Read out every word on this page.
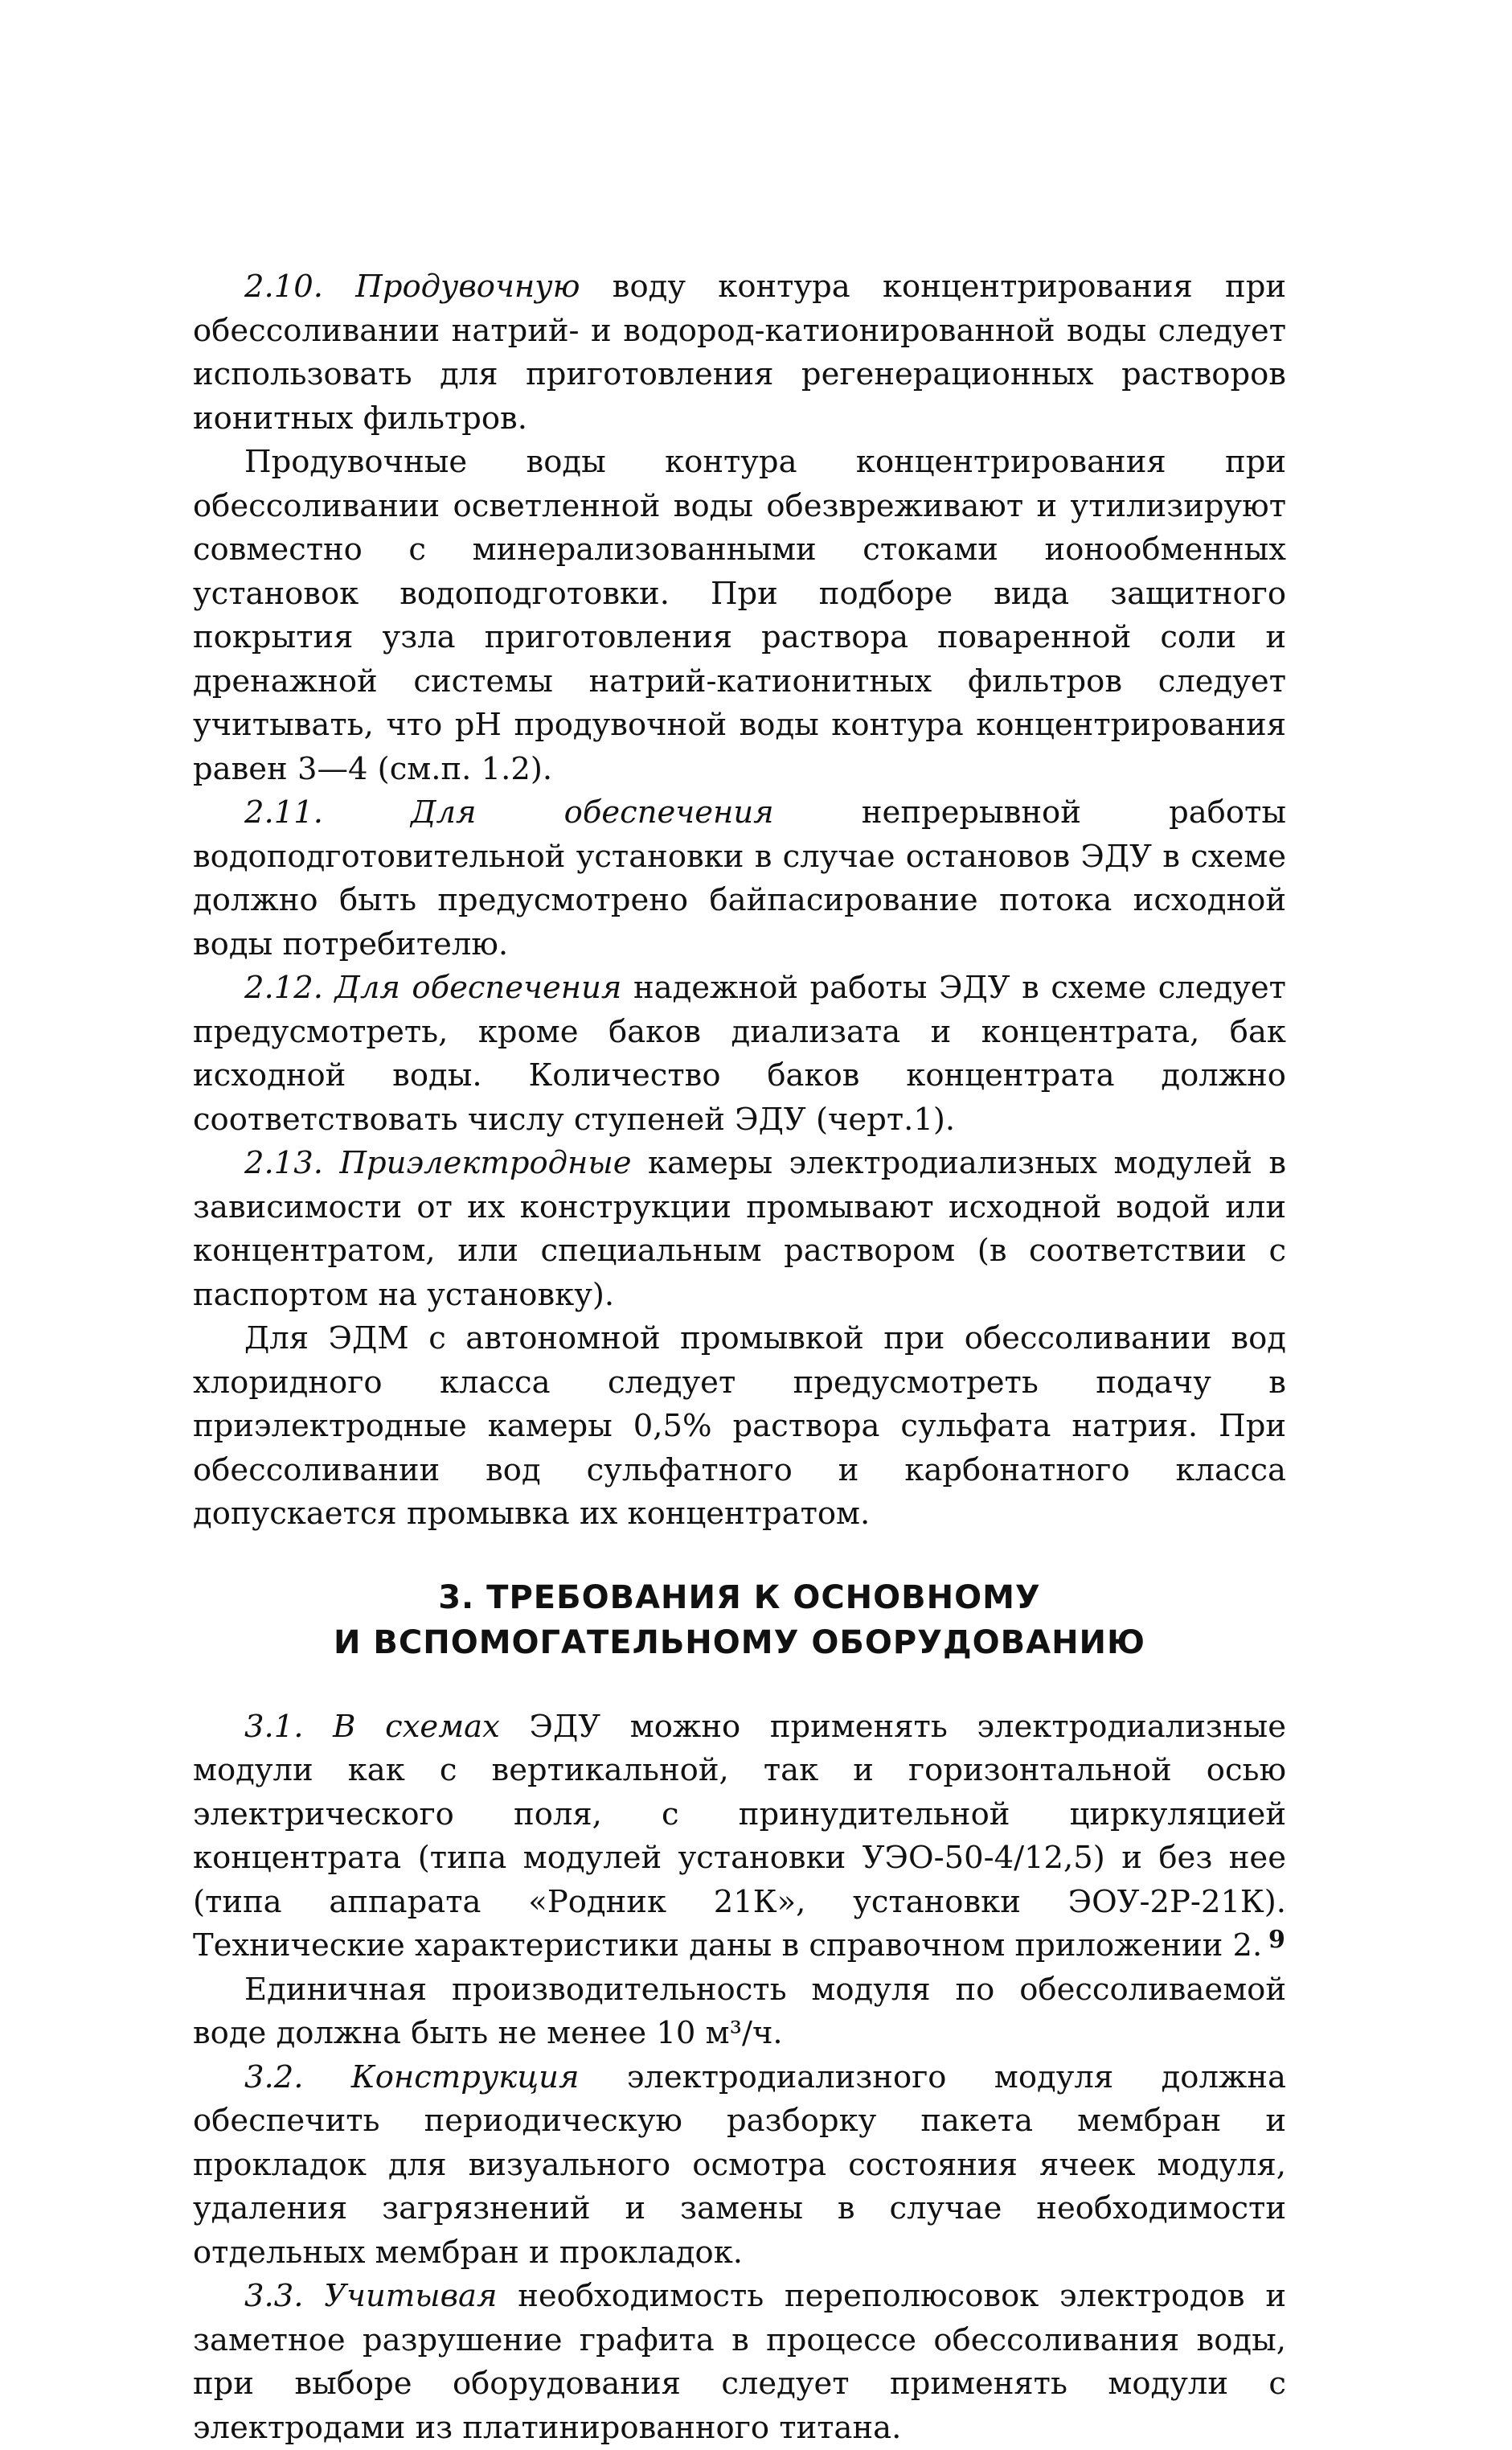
2.10. Продувочную воду контура концентрирования при обессоливании натрий- и водород-катионированной воды следует использовать для приготовления регенерационных растворов ионитных фильтров.

Продувочные воды контура концентрирования при обессоливании осветленной воды обезвреживают и утилизируют совместно с минерализованными стоками ионообменных установок водоподготовки. При подборе вида защитного покрытия узла приготовления раствора поваренной соли и дренажной системы натрий-катионитных фильтров следует учитывать, что pH продувочной воды контура концентрирования равен 3—4 (см.п. 1.2).

2.11.	Для обеспечения	непрерывной работы водоподготовительной установки в случае остановов ЭДУ в схеме должно быть предусмотрено байпасирование потока исходной воды потребителю.

2.12. Для обеспечения надежной работы ЭДУ в схеме следует предусмотреть, кроме баков диализата и концентрата, бак исходной воды. Количество баков концентрата должно соответствовать числу ступеней ЭДУ (черт.1).

2.13. Приэлектродные камеры электродиализных модулей в зависимости от их конструкции промывают исходной водой или концентратом, или специальным раствором (в соответствии с паспортом на установку).

Для ЭДМ с автономной промывкой при обессоливании вод хлоридного класса следует предусмотреть подачу в приэлектродные камеры 0,5% раствора сульфата натрия. При обессоливании вод сульфатного и карбонатного класса допускается промывка их концентратом.

3. ТРЕБОВАНИЯ К ОСНОВНОМУ
И ВСПОМОГАТЕЛЬНОМУ ОБОРУДОВАНИЮ

3.1. В схемах ЭДУ можно применять электродиализные модули как с вертикальной, так и горизонтальной осью электрического поля, с принудительной циркуляцией концентрата (типа модулей установки УЭО-50-4/12,5) и без нее (типа аппарата «Родник 21К», установки ЭОУ-2Р-21К). Технические характеристики даны в справочном приложении 2.

Единичная производительность модуля по обессоливаемой воде должна быть не менее 10 м³/ч.

3.2. Конструкция электродиализного модуля должна обеспечить периодическую разборку пакета мембран и прокладок для визуального осмотра состояния ячеек модуля, удаления загрязнений и замены в случае необходимости отдельных мембран и прокладок.

3.3. Учитывая необходимость переполюсовок электродов и заметное разрушение графита в процессе обессоливания воды, при выборе оборудования следует применять модули с электродами из платинированного титана.

9
